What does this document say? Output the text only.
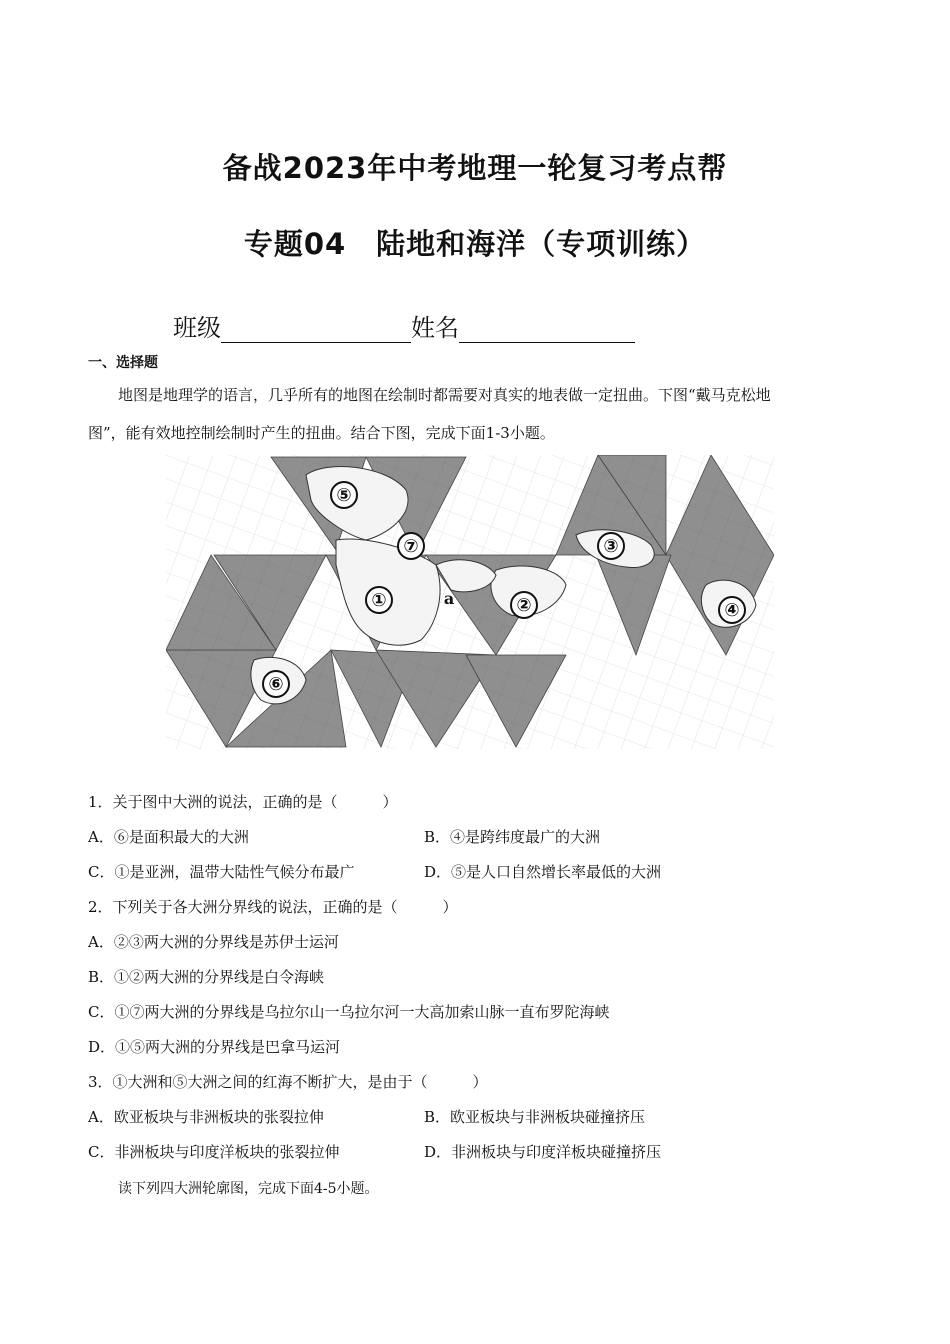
备战2023年中考地理一轮复习考点帮
专题04　陆地和海洋（专项训练）
班级	姓名
一、选择题
地图是地理学的语言，几乎所有的地图在绘制时都需要对真实的地表做一定扭曲。下图“戴马克松地
图”，能有效地控制绘制时产生的扭曲。结合下图，完成下面1-3小题。
⑤
⑦	③
①	②	④
⑥
a
1．关于图中大洲的说法，正确的是（　　　）
A．⑥是面积最大的大洲	B．④是跨纬度最广的大洲
C．①是亚洲，温带大陆性气候分布最广	D．⑤是人口自然增长率最低的大洲
2．下列关于各大洲分界线的说法，正确的是（　　　）
A．②③两大洲的分界线是苏伊士运河
B．①②两大洲的分界线是白令海峡
C．①⑦两大洲的分界线是乌拉尔山一乌拉尔河一大高加索山脉一直布罗陀海峡
D．①⑤两大洲的分界线是巴拿马运河
3．①大洲和⑤大洲之间的红海不断扩大，是由于（　　　）
A．欧亚板块与非洲板块的张裂拉伸	B．欧亚板块与非洲板块碰撞挤压
C．非洲板块与印度洋板块的张裂拉伸	D．非洲板块与印度洋板块碰撞挤压
读下列四大洲轮廓图，完成下面4-5小题。
